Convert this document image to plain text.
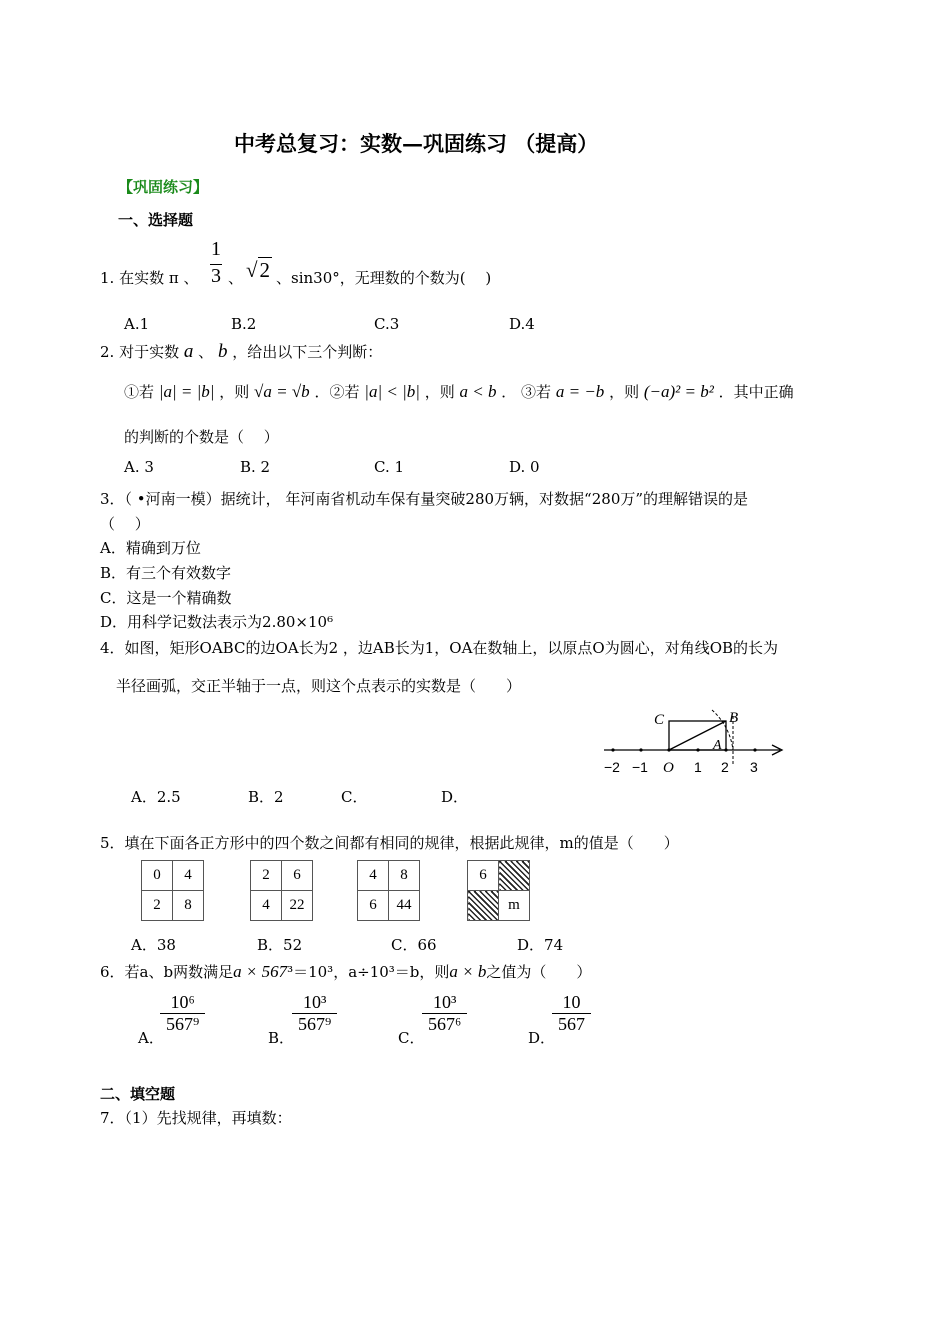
中考总复习：实数—巩固练习 （提高）
【巩固练习】
一、选择题
1. 在实数 π 、 $\frac{1}{3}$ 、 √2 、sin30°，无理数的个数为(　 )
A.1	B.2	C.3	D.4
2. 对于实数 a 、 b ，给出以下三个判断：
①若 |a| = |b| ，则 √a = √b ．②若 |a| < |b| ，则 a < b ． ③若 a = −b ，则 (−a)² = b² ．其中正确
的判断的个数是（　 ）
A. 3	B. 2	C. 1	D. 0
3．（ •河南一模）据统计， 年河南省机动车保有量突破280万辆，对数据“280万”的理解错误的是
（　 ）
A．精确到万位
B．有三个有效数字
C．这是一个精确数
D．用科学记数法表示为2.80×10⁶
4．如图，矩形OABC的边OA长为2 ，边AB长为1，OA在数轴上，以原点O为圆心，对角线OB的长为
半径画弧，交正半轴于一点，则这个点表示的实数是（　　）
C	B
A
−2 −1 O 1 2 3
A．2.5	B．2	C．	D．
5．填在下面各正方形中的四个数之间都有相同的规律，根据此规律，m的值是（　　）
0	4
2	8
2	6
4	22
4	8
6	44
6	
	m
A．38	B．52	C．66	D．74
6．若a、b两数满足a × 567³＝10³，a÷10³＝b，则a × b之值为（　　）
A．
$\frac{\text{10⁶}}{\text{567⁹}}$
B．
$\frac{\text{10³}}{\text{567⁹}}$
C．
$\frac{\text{10³}}{\text{567⁶}}$
D．
$\frac{10}{567}$
二、填空题
7．（1）先找规律，再填数：
